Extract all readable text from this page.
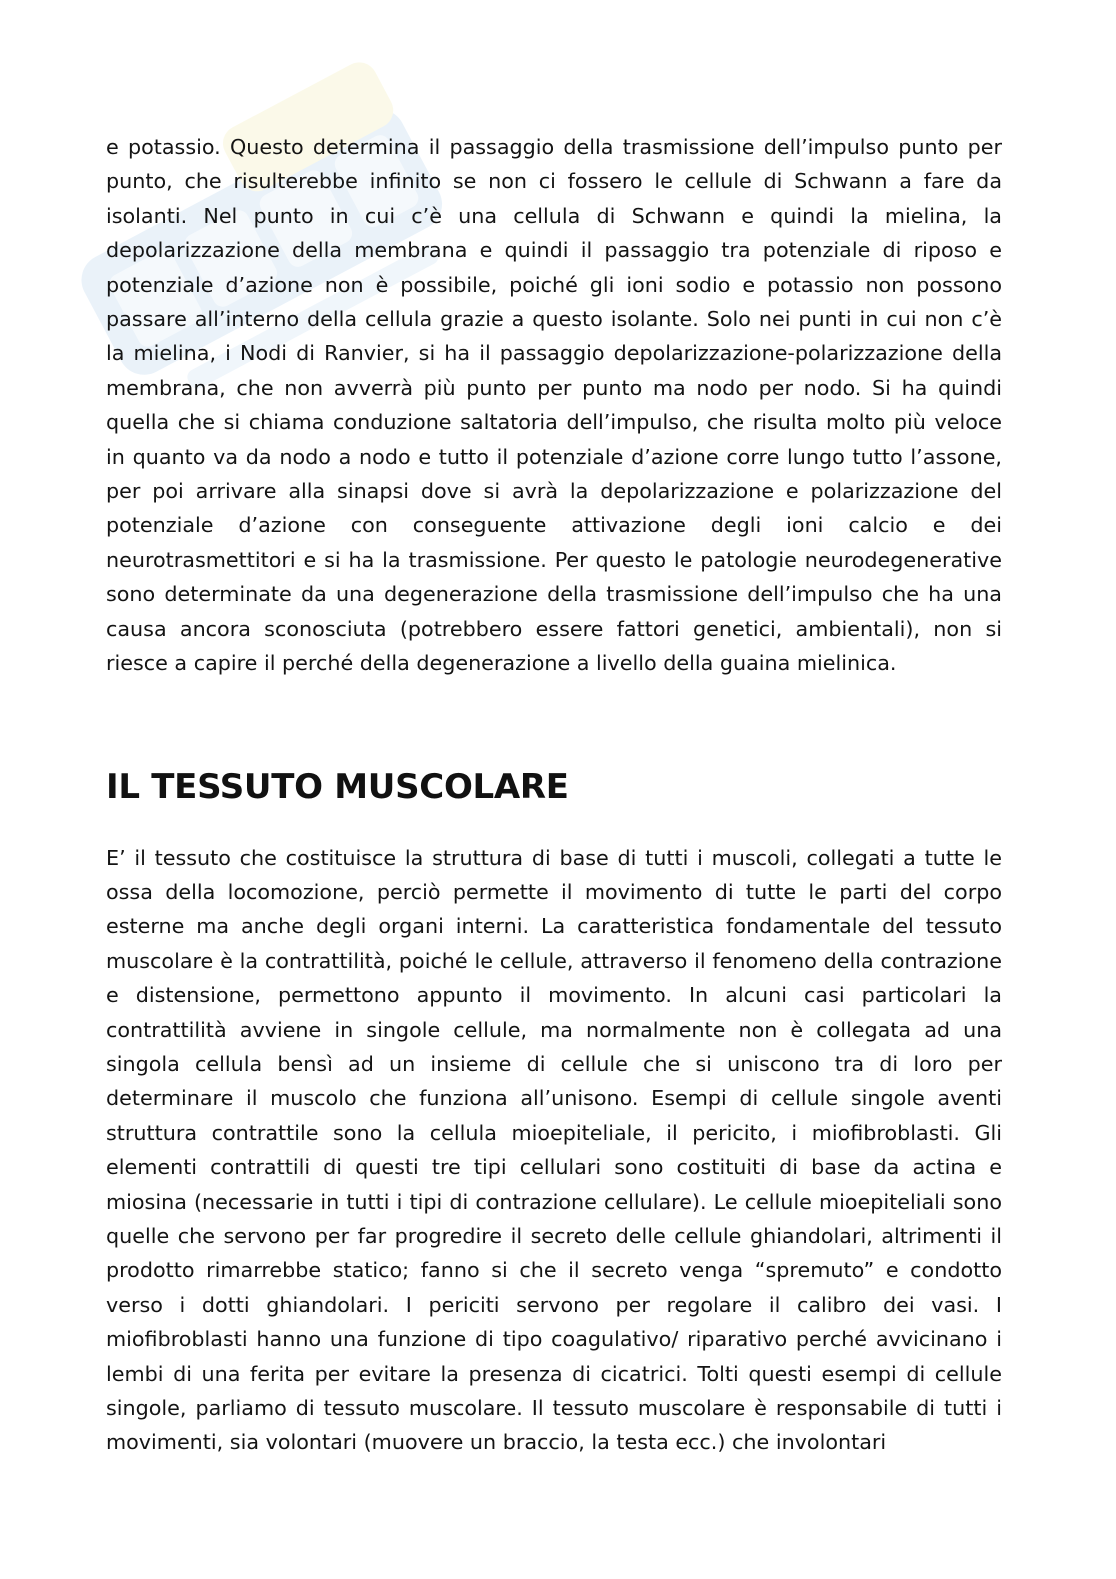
e potassio. Questo determina il passaggio della trasmissione dell’impulso punto per punto, che risulterebbe infinito se non ci fossero le cellule di Schwann a fare da isolanti. Nel punto in cui c’è una cellula di Schwann e quindi la mielina, la depolarizzazione della membrana e quindi il passaggio tra potenziale di riposo e potenziale d’azione non è possibile, poiché gli ioni sodio e potassio non possono passare all’interno della cellula grazie a questo isolante. Solo nei punti in cui non c’è la mielina, i Nodi di Ranvier, si ha il passaggio depolarizzazione-polarizzazione della membrana, che non avverrà più punto per punto ma nodo per nodo. Si ha quindi quella che si chiama conduzione saltatoria dell’impulso, che risulta molto più veloce in quanto va da nodo a nodo e tutto il potenziale d’azione corre lungo tutto l’assone, per poi arrivare alla sinapsi dove si avrà la depolarizzazione e polarizzazione del potenziale d’azione con conseguente attivazione degli ioni calcio e dei neurotrasmettitori e si ha la trasmissione. Per questo le patologie neurodegenerative sono determinate da una degenerazione della trasmissione dell’impulso che ha una causa ancora sconosciuta (potrebbero essere fattori genetici, ambientali), non si riesce a capire il perché della degenerazione a livello della guaina mielinica.

IL TESSUTO MUSCOLARE

E’ il tessuto che costituisce la struttura di base di tutti i muscoli, collegati a tutte le ossa della locomozione, perciò permette il movimento di tutte le parti del corpo esterne ma anche degli organi interni. La caratteristica fondamentale del tessuto muscolare è la contrattilità, poiché le cellule, attraverso il fenomeno della contrazione e distensione, permettono appunto il movimento. In alcuni casi particolari la contrattilità avviene in singole cellule, ma normalmente non è collegata ad una singola cellula bensì ad un insieme di cellule che si uniscono tra di loro per determinare il muscolo che funziona all’unisono. Esempi di cellule singole aventi struttura contrattile sono la cellula mioepiteliale, il pericito, i miofibroblasti. Gli elementi contrattili di questi tre tipi cellulari sono costituiti di base da actina e miosina (necessarie in tutti i tipi di contrazione cellulare). Le cellule mioepiteliali sono quelle che servono per far progredire il secreto delle cellule ghiandolari, altrimenti il prodotto rimarrebbe statico; fanno si che il secreto venga “spremuto” e condotto verso i dotti ghiandolari. I periciti servono per regolare il calibro dei vasi. I miofibroblasti hanno una funzione di tipo coagulativo/ riparativo perché avvicinano i lembi di una ferita per evitare la presenza di cicatrici. Tolti questi esempi di cellule singole, parliamo di tessuto muscolare. Il tessuto muscolare è responsabile di tutti i movimenti, sia volontari (muovere un braccio, la testa ecc.) che involontari
